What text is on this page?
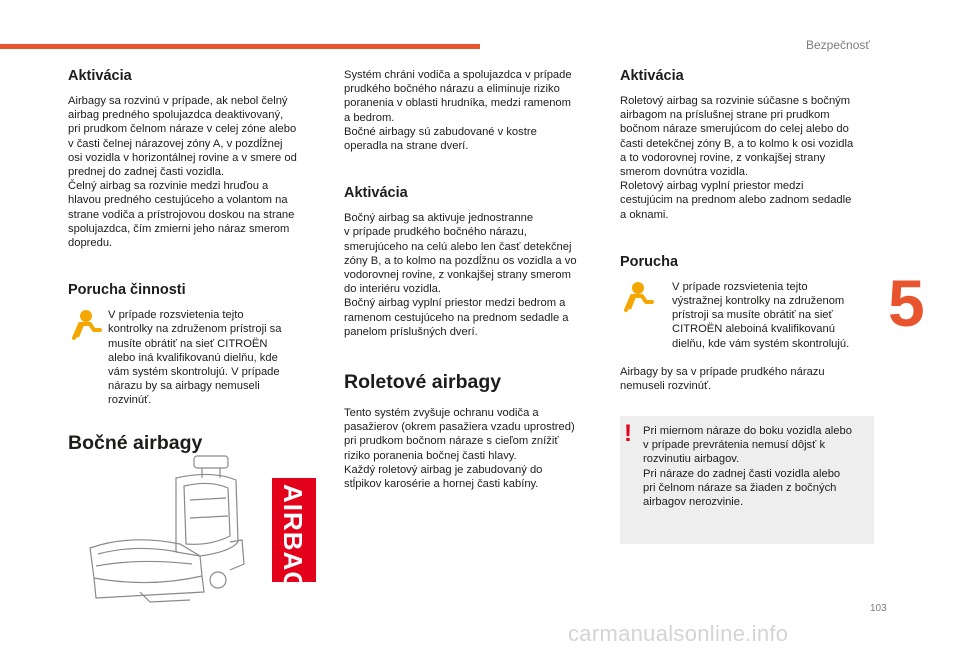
Bezpečnosť
5
103
carmanualsonline.info
Aktivácia

Airbagy sa rozvinú v prípade, ak nebol čelný
airbag predného spolujazdca deaktivovaný,
pri prudkom čelnom náraze v celej zóne alebo
v časti čelnej nárazovej zóny A, v pozdĺžnej
osi vozidla v horizontálnej rovine a v smere od
prednej do zadnej časti vozidla.
Čelný airbag sa rozvinie medzi hruďou a
hlavou predného cestujúceho a volantom na
strane vodiča a prístrojovou doskou na strane
spolujazdca, čím zmierni jeho náraz smerom
dopredu.

Porucha činnosti

V prípade rozsvietenia tejto
kontrolky na združenom prístroji sa
musíte obrátiť na sieť CITROËN
alebo iná kvalifikovanú dielňu, kde
vám systém skontrolujú. V prípade
nárazu by sa airbagy nemuseli
rozvinúť.

Bočné airbagy
AIRBAG

Systém chráni vodiča a spolujazdca v prípade
prudkého bočného nárazu a eliminuje riziko
poranenia v oblasti hrudníka, medzi ramenom
a bedrom.
Bočné airbagy sú zabudované v kostre
operadla na strane dverí.

Aktivácia

Bočný airbag sa aktivuje jednostranne
v prípade prudkého bočného nárazu,
smerujúceho na celú alebo len časť detekčnej
zóny B, a to kolmo na pozdĺžnu os vozidla a vo
vodorovnej rovine, z vonkajšej strany smerom
do interiéru vozidla.
Bočný airbag vyplní priestor medzi bedrom a
ramenom cestujúceho na prednom sedadle a
panelom príslušných dverí.

Roletové airbagy

Tento systém zvyšuje ochranu vodiča a
pasažierov (okrem pasažiera vzadu uprostred)
pri prudkom bočnom náraze s cieľom znížiť
riziko poranenia bočnej časti hlavy.
Každý roletový airbag je zabudovaný do
stĺpikov karosérie a hornej časti kabíny.

Aktivácia

Roletový airbag sa rozvinie súčasne s bočným
airbagom na príslušnej strane pri prudkom
bočnom náraze smerujúcom do celej alebo do
časti detekčnej zóny B, a to kolmo k osi vozidla
a to vodorovnej rovine, z vonkajšej strany
smerom dovnútra vozidla.
Roletový airbag vyplní priestor medzi
cestujúcim na prednom alebo zadnom sedadle
a oknami.

Porucha

V prípade rozsvietenia tejto
výstražnej kontrolky na združenom
prístroji sa musíte obrátiť na sieť
CITROËN aleboiná kvalifikovanú
dielňu, kde vám systém skontrolujú.

Airbagy by sa v prípade prudkého nárazu
nemuseli rozvinúť.

! Pri miernom náraze do boku vozidla alebo
v prípade prevrátenia nemusí dôjsť k
rozvinutiu airbagov.
Pri náraze do zadnej časti vozidla alebo
pri čelnom náraze sa žiaden z bočných
airbagov nerozvinie.
